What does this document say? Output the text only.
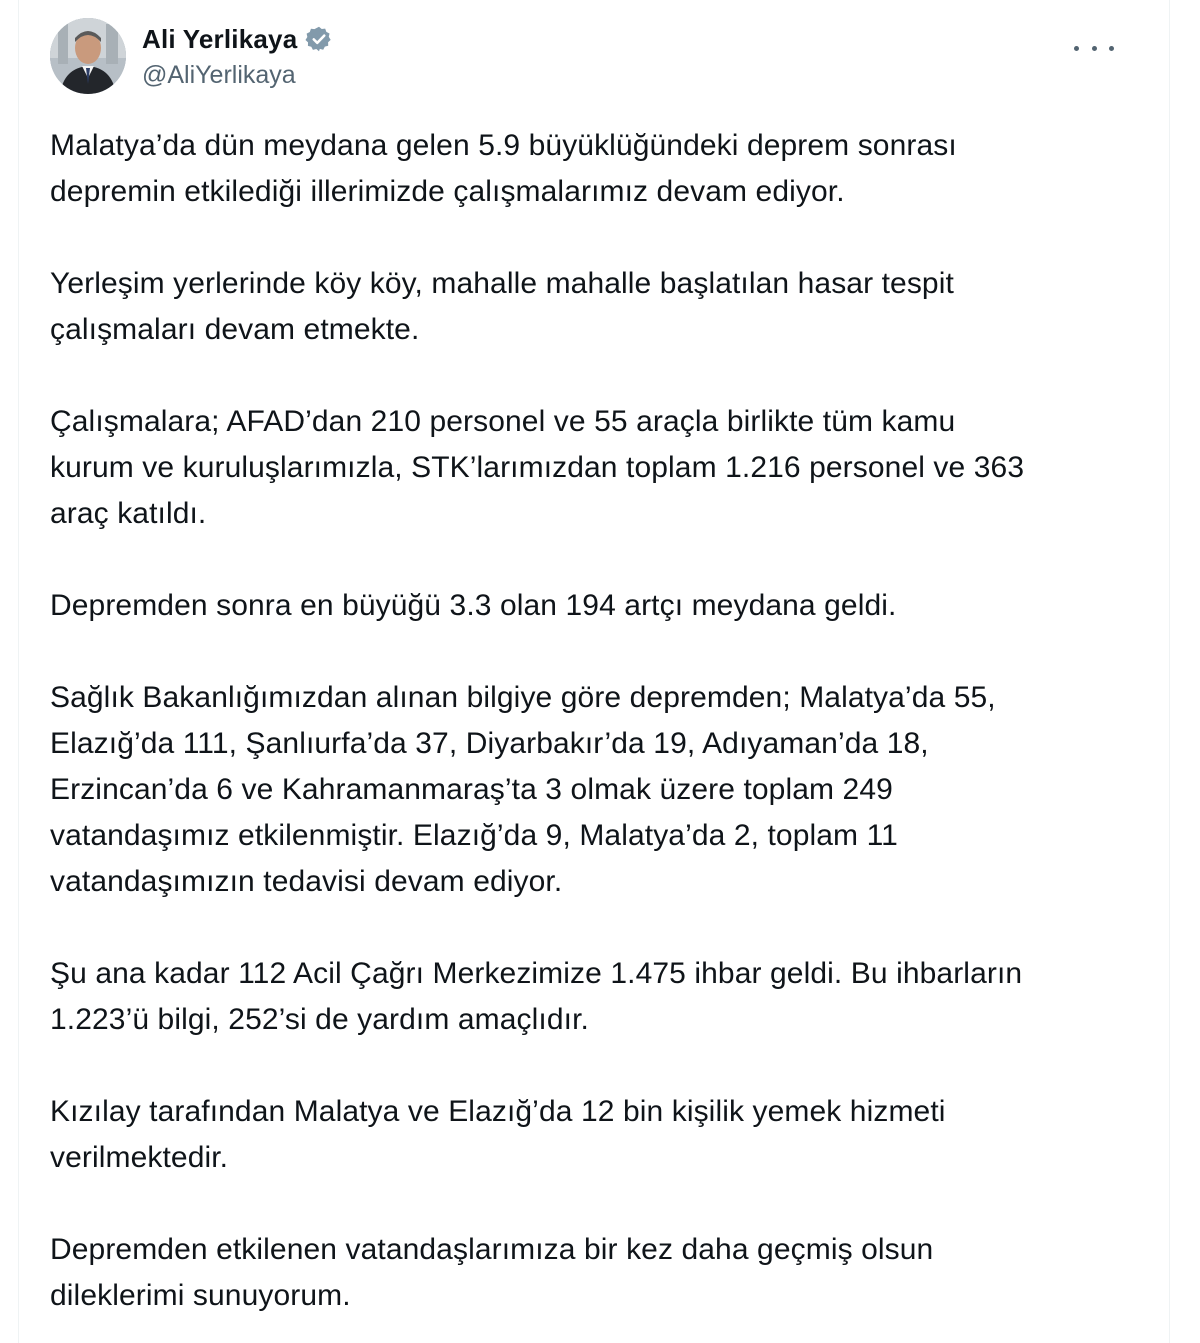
Ali Yerlikaya
@AliYerlikaya

Malatya’da dün meydana gelen 5.9 büyüklüğündeki deprem sonrası
depremin etkilediği illerimizde çalışmalarımız devam ediyor.

Yerleşim yerlerinde köy köy, mahalle mahalle başlatılan hasar tespit
çalışmaları devam etmekte.

Çalışmalara; AFAD’dan 210 personel ve 55 araçla birlikte tüm kamu
kurum ve kuruluşlarımızla, STK’larımızdan toplam 1.216 personel ve 363
araç katıldı.

Depremden sonra en büyüğü 3.3 olan 194 artçı meydana geldi.

Sağlık Bakanlığımızdan alınan bilgiye göre depremden; Malatya’da 55,
Elazığ’da 111, Şanlıurfa’da 37, Diyarbakır’da 19, Adıyaman’da 18,
Erzincan’da 6 ve Kahramanmaraş’ta 3 olmak üzere toplam 249
vatandaşımız etkilenmiştir. Elazığ’da 9, Malatya’da 2, toplam 11
vatandaşımızın tedavisi devam ediyor.

Şu ana kadar 112 Acil Çağrı Merkezimize 1.475 ihbar geldi. Bu ihbarların
1.223’ü bilgi, 252’si de yardım amaçlıdır.

Kızılay tarafından Malatya ve Elazığ’da 12 bin kişilik yemek hizmeti
verilmektedir.

Depremden etkilenen vatandaşlarımıza bir kez daha geçmiş olsun
dileklerimi sunuyorum.
